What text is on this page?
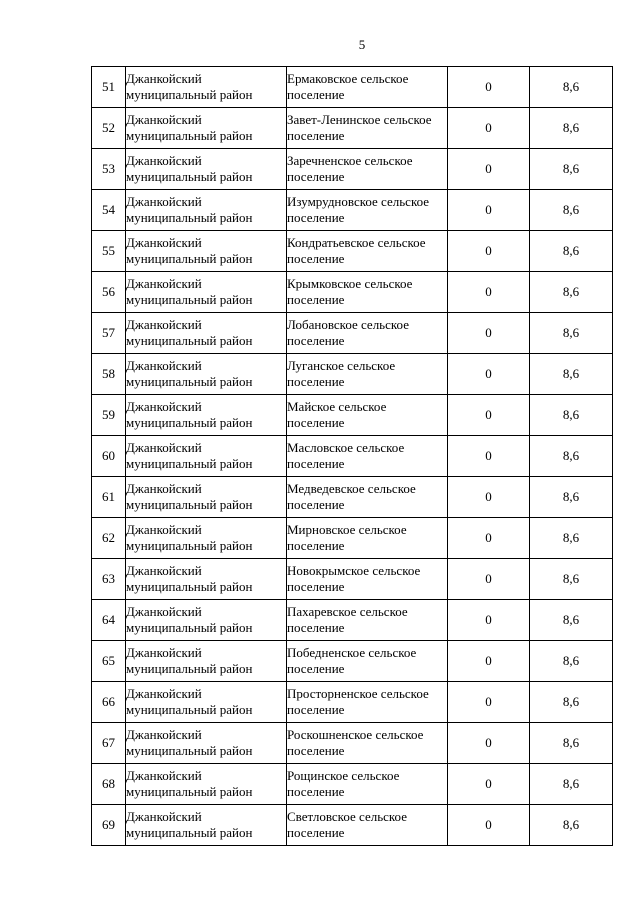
5
51	Джанкойский муниципальный район	Ермаковское сельское поселение	0	8,6
52	Джанкойский муниципальный район	Завет-Ленинское сельское поселение	0	8,6
53	Джанкойский муниципальный район	Заречненское сельское поселение	0	8,6
54	Джанкойский муниципальный район	Изумрудновское сельское поселение	0	8,6
55	Джанкойский муниципальный район	Кондратьевское сельское поселение	0	8,6
56	Джанкойский муниципальный район	Крымковское сельское поселение	0	8,6
57	Джанкойский муниципальный район	Лобановское сельское поселение	0	8,6
58	Джанкойский муниципальный район	Луганское сельское поселение	0	8,6
59	Джанкойский муниципальный район	Майское сельское поселение	0	8,6
60	Джанкойский муниципальный район	Масловское сельское поселение	0	8,6
61	Джанкойский муниципальный район	Медведевское сельское поселение	0	8,6
62	Джанкойский муниципальный район	Мирновское сельское поселение	0	8,6
63	Джанкойский муниципальный район	Новокрымское сельское поселение	0	8,6
64	Джанкойский муниципальный район	Пахаревское сельское поселение	0	8,6
65	Джанкойский муниципальный район	Победненское сельское поселение	0	8,6
66	Джанкойский муниципальный район	Просторненское сельское поселение	0	8,6
67	Джанкойский муниципальный район	Роскошненское сельское поселение	0	8,6
68	Джанкойский муниципальный район	Рощинское сельское поселение	0	8,6
69	Джанкойский муниципальный район	Светловское сельское поселение	0	8,6
